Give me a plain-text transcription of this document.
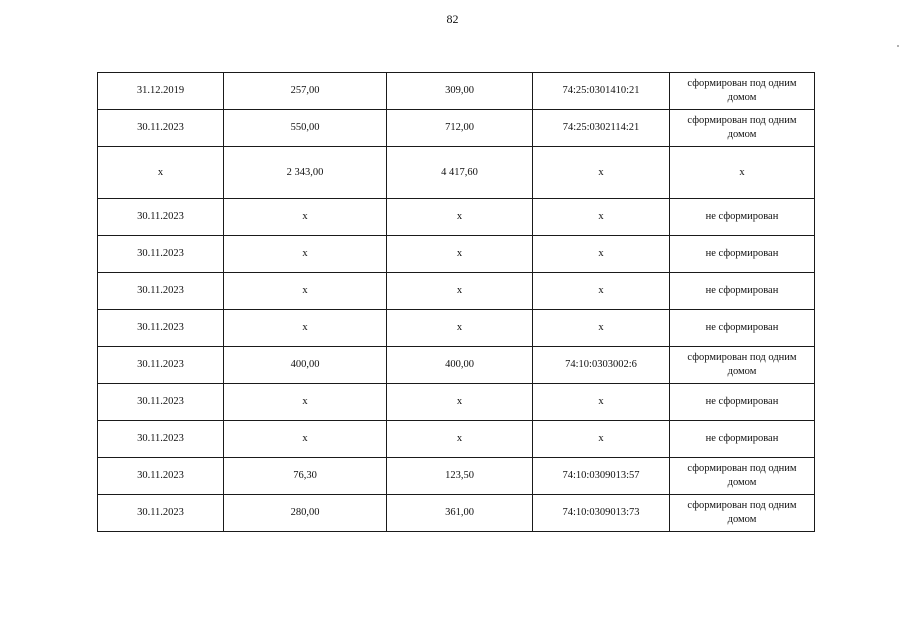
82
31.12.2019	257,00	309,00	74:25:0301410:21	сформирован под одним домом
30.11.2023	550,00	712,00	74:25:0302114:21	сформирован под одним домом
х	2 343,00	4 417,60	х	х
30.11.2023	х	х	х	не сформирован
30.11.2023	х	х	х	не сформирован
30.11.2023	х	х	х	не сформирован
30.11.2023	х	х	х	не сформирован
30.11.2023	400,00	400,00	74:10:0303002:6	сформирован под одним домом
30.11.2023	х	х	х	не сформирован
30.11.2023	х	х	х	не сформирован
30.11.2023	76,30	123,50	74:10:0309013:57	сформирован под одним домом
30.11.2023	280,00	361,00	74:10:0309013:73	сформирован под одним домом
